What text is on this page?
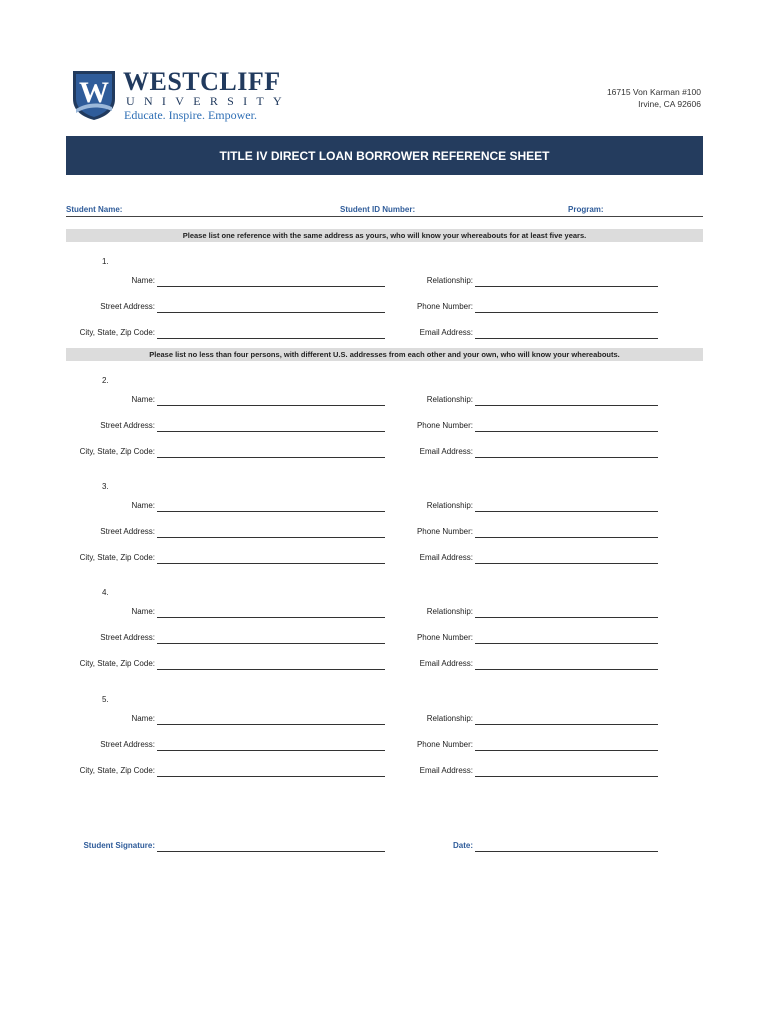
W WESTCLIFF
UNIVERSITY
Educate. Inspire. Empower.
16715 Von Karman #100
Irvine, CA 92606
TITLE IV DIRECT LOAN BORROWER REFERENCE SHEET
Student Name:	Student ID Number:	Program:
Please list one reference with the same address as yours, who will know your whereabouts for at least five years.
Please list no less than four persons, with different U.S. addresses from each other and your own, who will know your whereabouts.
1.
Name:	Relationship:
Street Address:	Phone Number:
City, State, Zip Code:	Email Address:
2.
Name:	Relationship:
Street Address:	Phone Number:
City, State, Zip Code:	Email Address:
3.
Name:	Relationship:
Street Address:	Phone Number:
City, State, Zip Code:	Email Address:
4.
Name:	Relationship:
Street Address:	Phone Number:
City, State, Zip Code:	Email Address:
5.
Name:	Relationship:
Street Address:	Phone Number:
City, State, Zip Code:	Email Address:
Student Signature:	Date:
